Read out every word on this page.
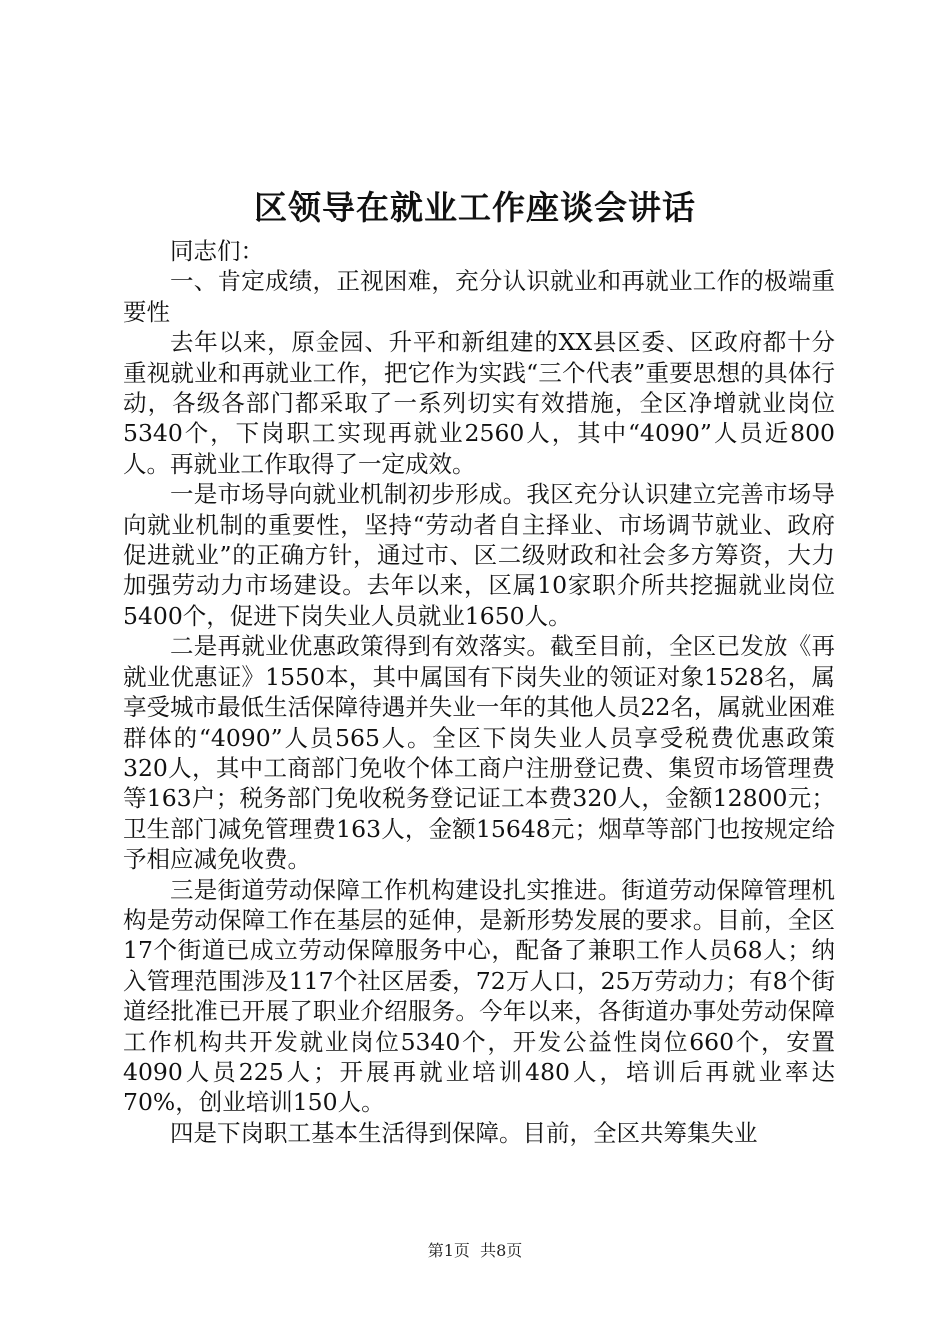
区领导在就业工作座谈会讲话

同志们：

一、肯定成绩，正视困难，充分认识就业和再就业工作的极端重要性

去年以来，原金园、升平和新组建的XX县区委、区政府都十分重视就业和再就业工作，把它作为实践“三个代表”重要思想的具体行动，各级各部门都采取了一系列切实有效措施，全区净增就业岗位5340个，下岗职工实现再就业2560人，其中“4090”人员近800人。再就业工作取得了一定成效。

一是市场导向就业机制初步形成。我区充分认识建立完善市场导向就业机制的重要性，坚持“劳动者自主择业、市场调节就业、政府促进就业”的正确方针，通过市、区二级财政和社会多方筹资，大力加强劳动力市场建设。去年以来，区属10家职介所共挖掘就业岗位5400个，促进下岗失业人员就业1650人。

二是再就业优惠政策得到有效落实。截至目前，全区已发放《再就业优惠证》1550本，其中属国有下岗失业的领证对象1528名，属享受城市最低生活保障待遇并失业一年的其他人员22名，属就业困难群体的“4090”人员565人。全区下岗失业人员享受税费优惠政策320人，其中工商部门免收个体工商户注册登记费、集贸市场管理费等163户；税务部门免收税务登记证工本费320人，金额12800元；卫生部门减免管理费163人，金额15648元；烟草等部门也按规定给予相应减免收费。

三是街道劳动保障工作机构建设扎实推进。街道劳动保障管理机构是劳动保障工作在基层的延伸，是新形势发展的要求。目前，全区17个街道已成立劳动保障服务中心，配备了兼职工作人员68人；纳入管理范围涉及117个社区居委，72万人口，25万劳动力；有8个街道经批准已开展了职业介绍服务。今年以来，各街道办事处劳动保障工作机构共开发就业岗位5340个，开发公益性岗位660个，安置4090人员225人；开展再就业培训480人，培训后再就业率达70%，创业培训150人。

四是下岗职工基本生活得到保障。目前，全区共筹集失业

第1页  共8页
